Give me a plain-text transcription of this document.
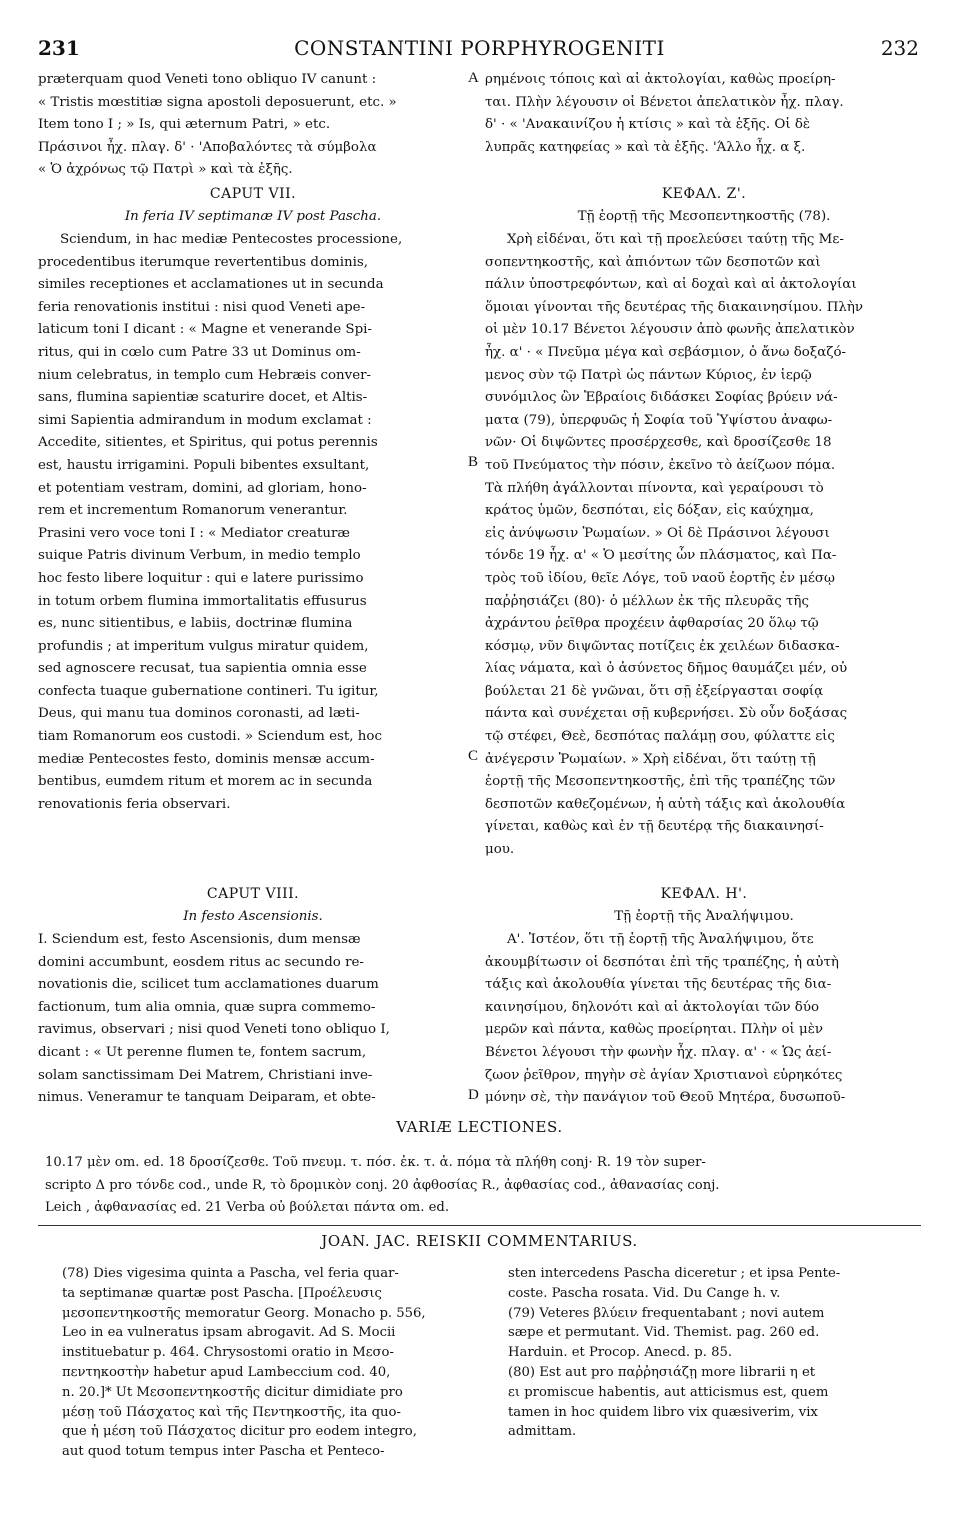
231	CONSTANTINI PORPHYROGENITI	232

præterquam quod Veneti tono obliquo IV canunt :

« Tristis mœstitiæ signa apostoli deposuerunt, etc. »

Item tono I ; » Is, qui æternum Patri, » etc.

Πράσινοι ἦχ. πλαγ. δ' · 'Αποβαλόντες τὰ σύμβολα

« Ὁ ἀχρόνως τῷ Πατρὶ » καὶ τὰ ἑξῆς.

ρημένοις τόποις καὶ αἱ ἀκτολογίαι, καθὼς προείρη-

ται. Πλὴν λέγουσιν οἱ Βένετοι ἀπελατικὸν ἦχ. πλαγ.

δ' · « 'Ανακαινίζου ἡ κτίσις » καὶ τὰ ἑξῆς. Οἱ δὲ

λυπρᾶς κατηφείας » καὶ τὰ ἑξῆς. 'Άλλο ἦχ. α ξ.

CAPUT VII.

In feria IV septimanæ IV post Pascha.

ΚΕΦΑΛ. Ζ'.

Τῇ ἑορτῇ τῆς Μεσοπεντηκοστῆς (78).

Sciendum, in hac mediæ Pentecostes processione,

procedentibus iterumque revertentibus dominis,

similes receptiones et acclamationes ut in secunda

feria renovationis institui : nisi quod Veneti ape-

laticum toni I dicant : « Magne et venerande Spi-

ritus, qui in cœlo cum Patre 33 ut Dominus om-

nium celebratus, in templo cum Hebræis conver-

sans, flumina sapientiæ scaturire docet, et Altis-

simi Sapientia admirandum in modum exclamat :

Accedite, sitientes, et Spiritus, qui potus perennis

est, haustu irrigamini. Populi bibentes exsultant,

et potentiam vestram, domini, ad gloriam, hono-

rem et incrementum Romanorum venerantur.

Prasini vero voce toni I : « Mediator creaturæ

suique Patris divinum Verbum, in medio templo

hoc festo libere loquitur : qui e latere purissimo

in totum orbem flumina immortalitatis effusurus

es, nunc sitientibus, e labiis, doctrinæ flumina

profundis ; at imperitum vulgus miratur quidem,

sed agnoscere recusat, tua sapientia omnia esse

confecta tuaque gubernatione contineri. Tu igitur,

Deus, qui manu tua dominos coronasti, ad læti-

tiam Romanorum eos custodi. » Sciendum est, hoc

mediæ Pentecostes festo, dominis mensæ accum-

bentibus, eumdem ritum et morem ac in secunda

renovationis feria observari.

Χρὴ εἰδέναι, ὅτι καὶ τῇ προελεύσει ταύτῃ τῆς Με-

σοπεντηκοστῆς, καὶ ἀπιόντων τῶν δεσποτῶν καὶ

πάλιν ὑποστρεφόντων, καὶ αἱ δοχαὶ καὶ αἱ ἀκτολογίαι

ὅμοιαι γίνονται τῆς δευτέρας τῆς διακαινησίμου. Πλὴν

οἱ μὲν 10.17 Βένετοι λέγουσιν ἀπὸ φωνῆς ἀπελατικὸν

ἦχ. α' · « Πνεῦμα μέγα καὶ σεβάσμιον, ὁ ἄνω δοξαζό-

μενος σὺν τῷ Πατρὶ ὡς πάντων Κύριος, ἐν ἱερῷ

συνόμιλος ὢν Ἑβραίοις διδάσκει Σοφίας βρύειν νά-

ματα (79), ὑπερφυῶς ἡ Σοφία τοῦ Ὑψίστου ἀναφω-

νῶν· Οἱ διψῶντες προσέρχεσθε, καὶ δροσίζεσθε 18

τοῦ Πνεύματος τὴν πόσιν, ἐκεῖνο τὸ ἀείζωον πόμα.

Τὰ πλήθη ἀγάλλονται πίνοντα, καὶ γεραίρουσι τὸ

κράτος ὑμῶν, δεσπόται, εἰς δόξαν, εἰς καύχημα,

εἰς ἀνύψωσιν Ῥωμαίων. » Οἱ δὲ Πράσινοι λέγουσι

τόνδε 19 ἦχ. α' « Ὁ μεσίτης ὧν πλάσματος, καὶ Πα-

τρὸς τοῦ ἰδίου, θεῖε Λόγε, τοῦ ναοῦ ἑορτῆς ἐν μέσῳ

παῤῥησιάζει (80)· ὁ μέλλων ἐκ τῆς πλευρᾶς τῆς

ἀχράντου ῥεῖθρα προχέειν ἀφθαρσίας 20 ὅλῳ τῷ

κόσμῳ, νῦν διψῶντας ποτίζεις ἐκ χειλέων διδασκα-

λίας νάματα, καὶ ὁ ἀσύνετος δῆμος θαυμάζει μέν, οὐ

βούλεται 21 δὲ γνῶναι, ὅτι σῇ ἐξείργασται σοφίᾳ

πάντα καὶ συνέχεται σῇ κυβερνήσει. Σὺ οὖν δοξάσας

τῷ στέφει, Θεὲ, δεσπότας παλάμῃ σου, φύλαττε εἰς

ἀνέγερσιν Ῥωμαίων. » Χρὴ εἰδέναι, ὅτι ταύτῃ τῇ

ἑορτῇ τῆς Μεσοπεντηκοστῆς, ἐπὶ τῆς τραπέζης τῶν

δεσποτῶν καθεζομένων, ἡ αὐτὴ τάξις καὶ ἀκολουθία

γίνεται, καθὼς καὶ ἐν τῇ δευτέρᾳ τῆς διακαινησί-

μου.

CAPUT VIII.

In festo Ascensionis.

ΚΕΦΑΛ. Η'.

Τῇ ἑορτῇ τῆς Ἀναλήψιμου.

I. Sciendum est, festo Ascensionis, dum mensæ

domini accumbunt, eosdem ritus ac secundo re-

novationis die, scilicet tum acclamationes duarum

factionum, tum alia omnia, quæ supra commemo-

ravimus, observari ; nisi quod Veneti tono obliquo I,

dicant : « Ut perenne flumen te, fontem sacrum,

solam sanctissimam Dei Matrem, Christiani inve-

nimus. Veneramur te tanquam Deiparam, et obte-

Α'. Ἰστέον, ὅτι τῇ ἑορτῇ τῆς Ἀναλήψιμου, ὅτε

ἀκουμβίτωσιν οἱ δεσπόται ἐπὶ τῆς τραπέζης, ἡ αὐτὴ

τάξις καὶ ἀκολουθία γίνεται τῆς δευτέρας τῆς δια-

καινησίμου, δηλονότι καὶ αἱ ἀκτολογίαι τῶν δύο

μερῶν καὶ πάντα, καθὼς προείρηται. Πλὴν οἱ μὲν

Βένετοι λέγουσι τὴν φωνὴν ἦχ. πλαγ. α' · « Ὡς ἀεί-

ζωον ῥεῖθρον, πηγὴν σὲ ἁγίαν Χριστιανοὶ εὑρηκότες

μόνην σὲ, τὴν πανάγιον τοῦ Θεοῦ Μητέρα, δυσωποῦ-

A
B
C
D
VARIÆ LECTIONES.

10.17 μὲν om. ed. 18 δροσίζεσθε. Τοῦ πνευμ. τ. πόσ. ἐκ. τ. ἀ. πόμα τὰ πλήθη conj· R. 19 τὸν super-

scripto Δ pro τόνδε cod., unde R, τὸ δρομικὸν conj. 20 ἀφθοσίας R., ἀφθασίας cod., ἀθανασίας conj.

Leich , ἀφθανασίας ed. 21 Verba οὐ βούλεται πάντα om. ed.

JOAN. JAC. REISKII COMMENTARIUS.

(78) Dies vigesima quinta a Pascha, vel feria quar-

ta septimanæ quartæ post Pascha. [Προέλευσις

μεσοπεντηκοστῆς memoratur Georg. Monacho p. 556,

Leo in ea vulneratus ipsam abrogavit. Ad S. Mocii

instituebatur p. 464. Chrysostomi oratio in Μεσο-

πεντηκοστὴν habetur apud Lambeccium cod. 40,

n. 20.]* Ut Μεσοπεντηκοστῆς dicitur dimidiate pro

μέσῃ τοῦ Πάσχατος καὶ τῆς Πεντηκοστῆς, ita quo-

que ἡ μέση τοῦ Πάσχατος dicitur pro eodem integro,

aut quod totum tempus inter Pascha et Penteco-

sten intercedens Pascha diceretur ; et ipsa Pente-

coste. Pascha rosata. Vid. Du Cange h. v.

(79) Veteres βλύειν frequentabant ; novi autem

sæpe et permutant. Vid. Themist. pag. 260 ed.

Harduin. et Procop. Anecd. p. 85.

(80) Est aut pro παῤῥησιάζῃ more librarii η et

ει promiscue habentis, aut atticismus est, quem

tamen in hoc quidem libro vix quæsiverim, vix

admittam.
